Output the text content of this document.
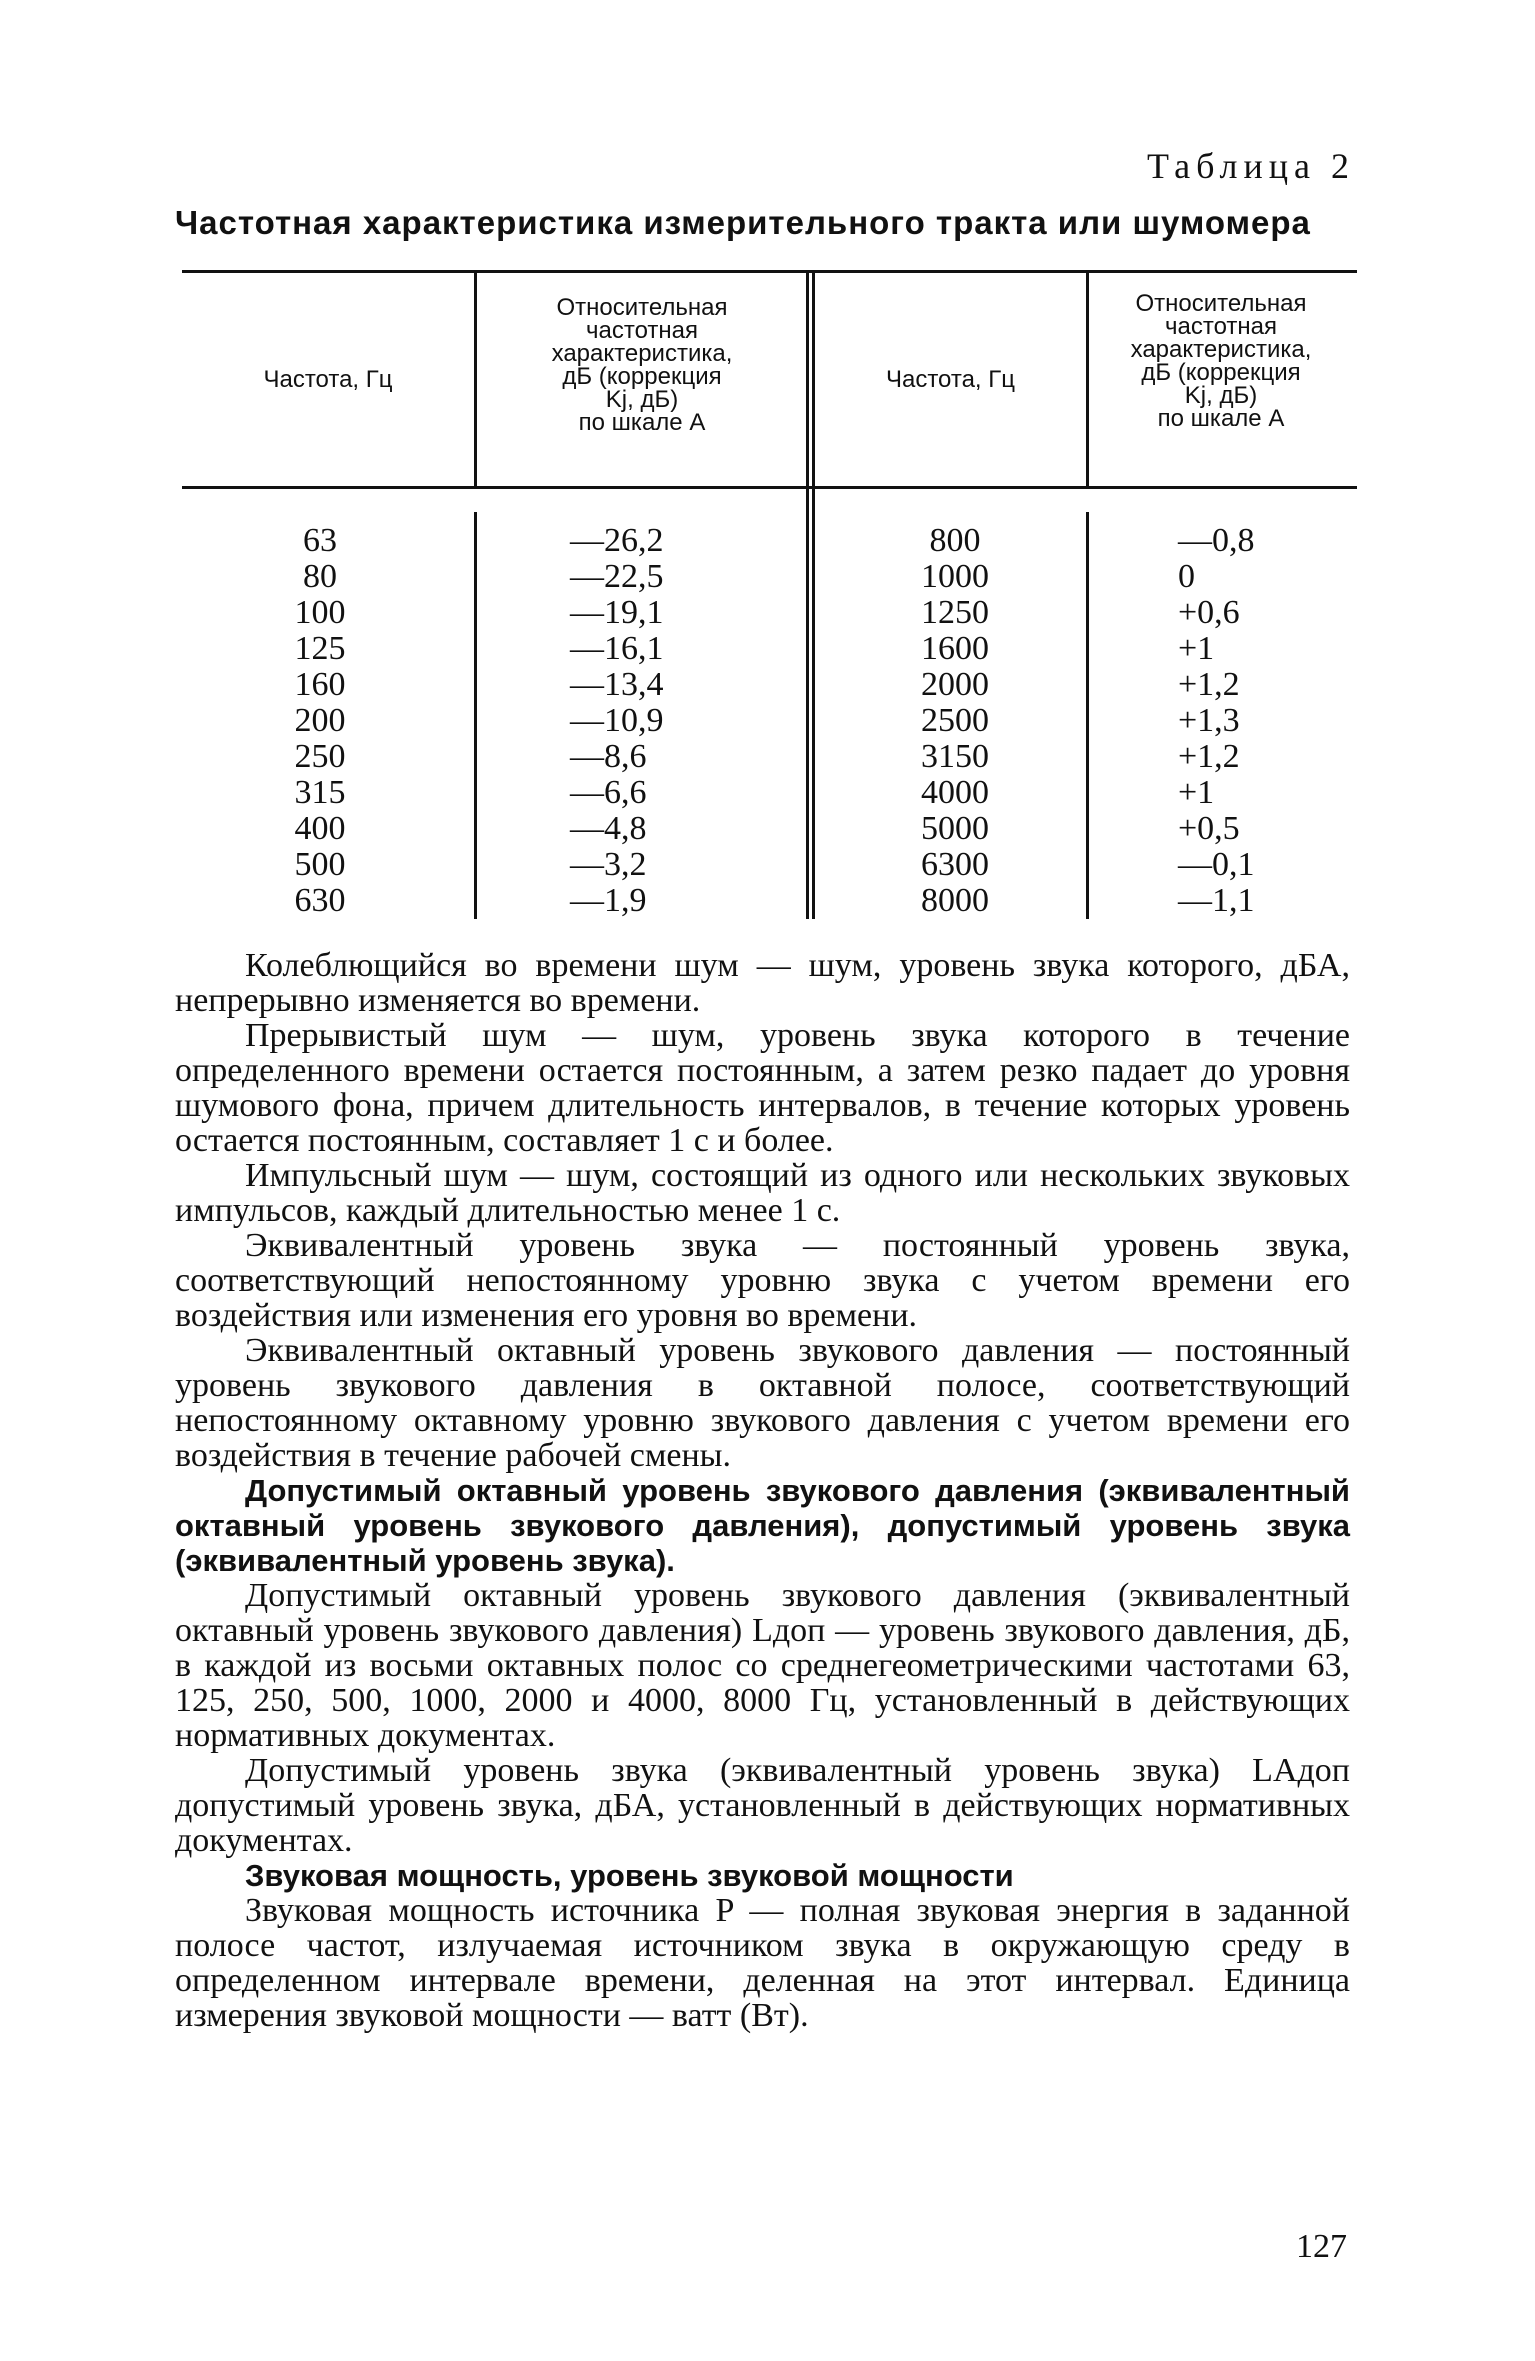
Таблица 2
Частотная характеристика измерительного тракта или шумомера
Частота, Гц
Относительная
частотная
характеристика,
дБ (коррекция
Kj, дБ)
по шкале А
Частота, Гц
Относительная
частотная
характеристика,
дБ (коррекция
Kj, дБ)
по шкале А
63
80
100
125
160
200
250
315
400
500
630
—26,2
—22,5
—19,1
—16,1
—13,4
—10,9
—8,6
—6,6
—4,8
—3,2
—1,9
800
1000
1250
1600
2000
2500
3150
4000
5000
6300
8000
—0,8
0
+0,6
+1
+1,2
+1,3
+1,2
+1
+0,5
—0,1
—1,1

Колеблющийся во времени шум — шум, уровень звука которого, дБА, непрерывно изменяется во времени.

Прерывистый шум — шум, уровень звука которого в течение определенного времени остается постоянным, а затем резко падает до уровня шумового фона, причем длительность интервалов, в течение которых уровень остается постоянным, составляет 1 с и более.

Импульсный шум — шум, состоящий из одного или нескольких звуковых импульсов, каждый длительностью менее 1 с.

Эквивалентный уровень звука — постоянный уровень звука, соответствующий непостоянному уровню звука с учетом времени его воздействия или изменения его уровня во времени.

Эквивалентный октавный уровень звукового давления — постоянный уровень звукового давления в октавной полосе, соответствующий непостоянному октавному уровню звукового давления с учетом времени его воздействия в течение рабочей смены.

Допустимый октавный уровень звукового давления (эквивалентный октавный уровень звукового давления), допустимый уровень звука (эквивалентный уровень звука).

Допустимый октавный уровень звукового давления (эквивалентный октавный уровень звукового давления) Lдоп — уровень звукового давления, дБ, в каждой из восьми октавных полос со среднегеометрическими частотами 63, 125, 250, 500, 1000, 2000 и 4000, 8000 Гц, установленный в действующих нормативных документах.

Допустимый уровень звука (эквивалентный уровень звука) LAдоп допустимый уровень звука, дБА, установленный в действующих нормативных документах.

Звуковая мощность, уровень звуковой мощности

Звуковая мощность источника P — полная звуковая энергия в заданной полосе частот, излучаемая источником звука в окружающую среду в определенном интервале времени, деленная на этот интервал. Единица измерения звуковой мощности — ватт (Вт).

127
